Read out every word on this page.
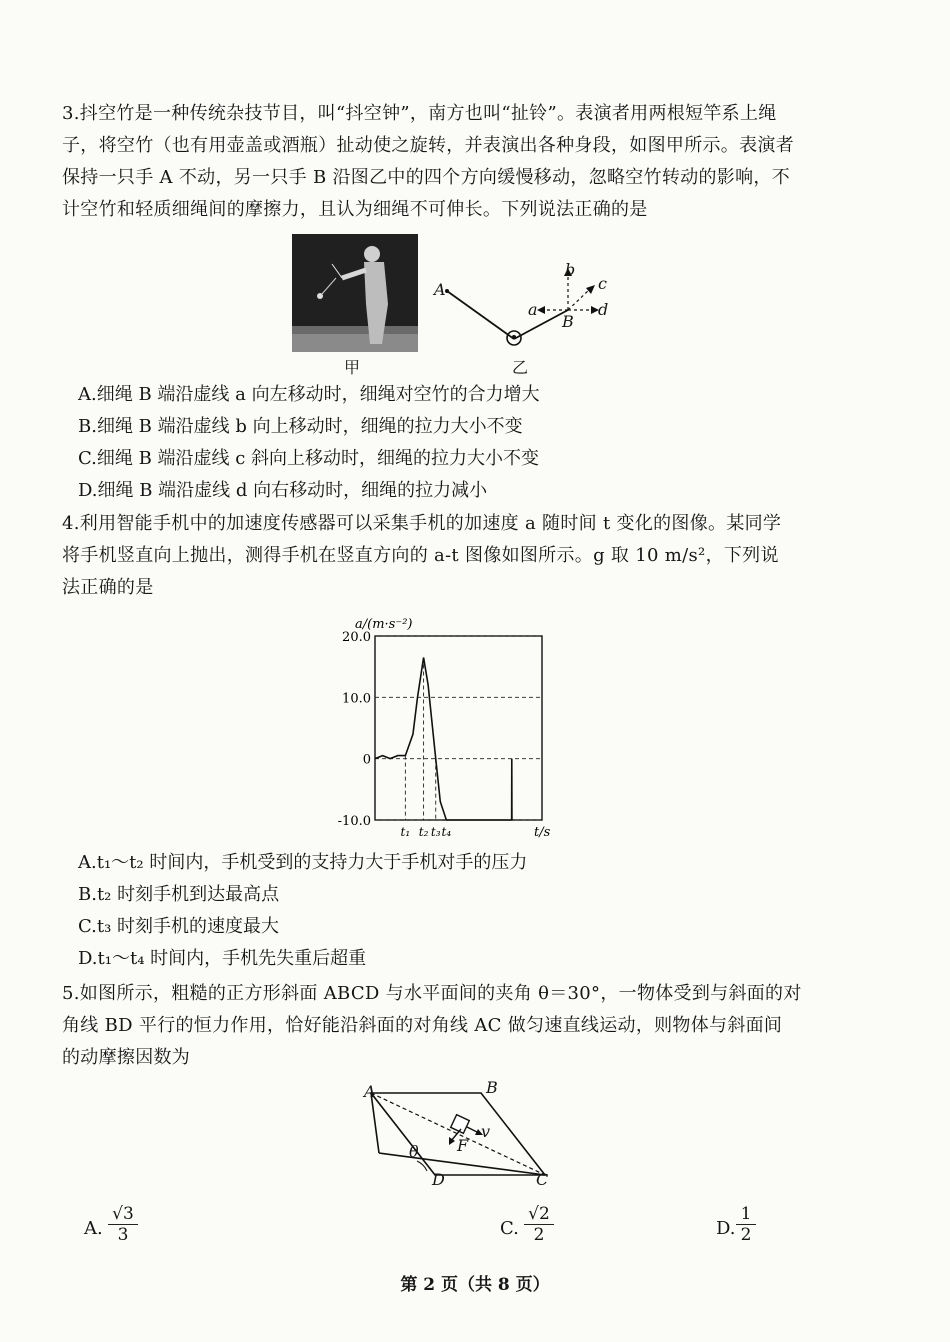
3.抖空竹是一种传统杂技节目，叫“抖空钟”，南方也叫“扯铃”。表演者用两根短竿系上绳
子，将空竹（也有用壶盖或酒瓶）扯动使之旋转，并表演出各种身段，如图甲所示。表演者
保持一只手 A 不动，另一只手 B 沿图乙中的四个方向缓慢移动，忽略空竹转动的影响，不
计空竹和轻质细绳间的摩擦力，且认为细绳不可伸长。下列说法正确的是
甲
A
B
a
b
c
d
乙
A.细绳 B 端沿虚线 a 向左移动时，细绳对空竹的合力增大
B.细绳 B 端沿虚线 b 向上移动时，细绳的拉力大小不变
C.细绳 B 端沿虚线 c 斜向上移动时，细绳的拉力大小不变
D.细绳 B 端沿虚线 d 向右移动时，细绳的拉力减小
4.利用智能手机中的加速度传感器可以采集手机的加速度 a 随时间 t 变化的图像。某同学
将手机竖直向上抛出，测得手机在竖直方向的 a-t 图像如图所示。g 取 10 m/s²，下列说
法正确的是
20.0
10.0
0
-10.0
t₁ t₂ t₃ t₄
a/(m·s⁻²)
t/s
A.t₁～t₂ 时间内，手机受到的支持力大于手机对手的压力
B.t₂ 时刻手机到达最高点
C.t₃ 时刻手机的速度最大
D.t₁～t₄ 时间内，手机先失重后超重
5.如图所示，粗糙的正方形斜面 ABCD 与水平面间的夹角 θ＝30°，一物体受到与斜面的对
角线 BD 平行的恒力作用，恰好能沿斜面的对角线 AC 做匀速直线运动，则物体与斜面间
的动摩擦因数为
A	B
C
D
θ F
v
A. $\frac{√3}{3}$	C. $\frac{√2}{2}$	D. $\frac{1}{2}$
第 2 页（共 8 页）
